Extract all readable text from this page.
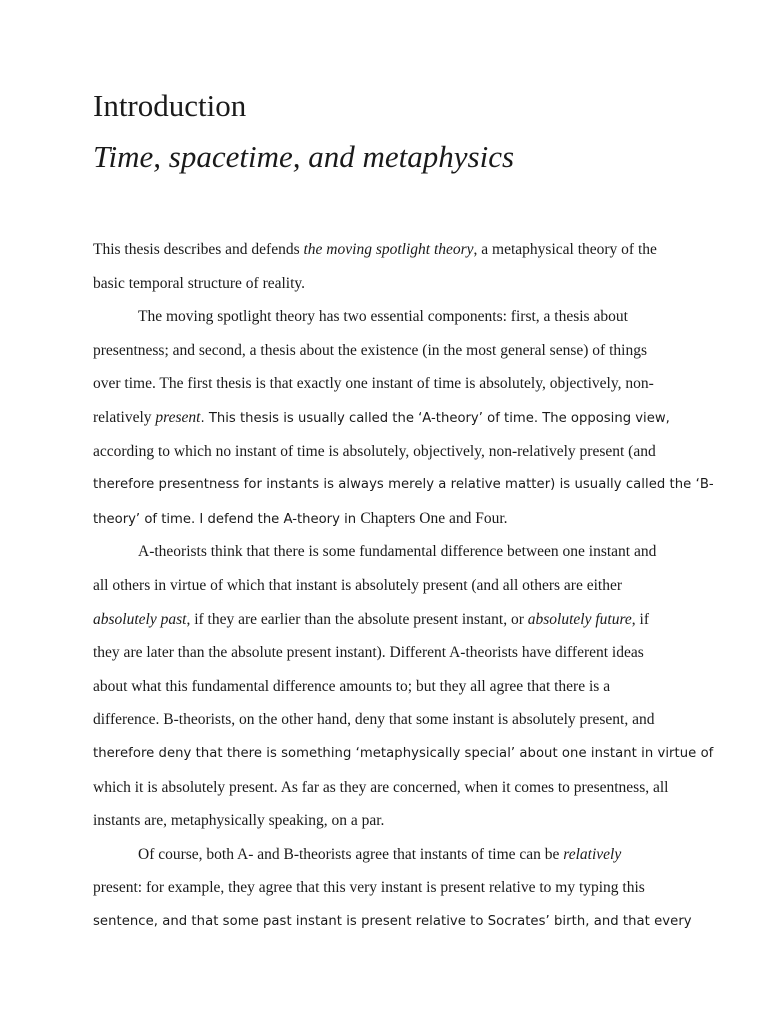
Introduction
Time, spacetime, and metaphysics
This thesis describes and defends the moving spotlight theory, a metaphysical theory of the
basic temporal structure of reality.
The moving spotlight theory has two essential components: first, a thesis about
presentness; and second, a thesis about the existence (in the most general sense) of things
over time. The first thesis is that exactly one instant of time is absolutely, objectively, non-
relatively present. This thesis is usually called the ‘A-theory’ of time. The opposing view,
according to which no instant of time is absolutely, objectively, non-relatively present (and
therefore presentness for instants is always merely a relative matter) is usually called the ‘B-
theory’ of time. I defend the A-theory in Chapters One and Four.
A-theorists think that there is some fundamental difference between one instant and
all others in virtue of which that instant is absolutely present (and all others are either
absolutely past, if they are earlier than the absolute present instant, or absolutely future, if
they are later than the absolute present instant). Different A-theorists have different ideas
about what this fundamental difference amounts to; but they all agree that there is a
difference. B-theorists, on the other hand, deny that some instant is absolutely present, and
therefore deny that there is something ‘metaphysically special’ about one instant in virtue of
which it is absolutely present. As far as they are concerned, when it comes to presentness, all
instants are, metaphysically speaking, on a par.
Of course, both A- and B-theorists agree that instants of time can be relatively
present: for example, they agree that this very instant is present relative to my typing this
sentence, and that some past instant is present relative to Socrates’ birth, and that every
